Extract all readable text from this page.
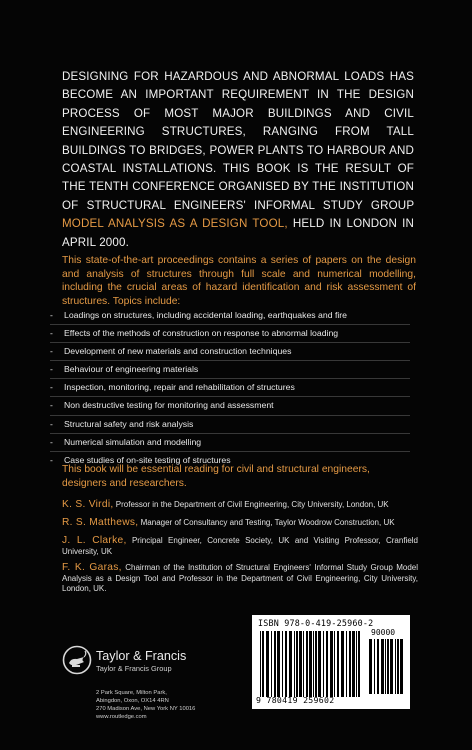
DESIGNING FOR HAZARDOUS AND ABNORMAL LOADS HAS BECOME AN IMPORTANT REQUIREMENT IN THE DESIGN PROCESS OF MOST MAJOR BUILDINGS AND CIVIL ENGINEERING STRUCTURES, RANGING FROM TALL BUILDINGS TO BRIDGES, POWER PLANTS TO HARBOUR AND COASTAL INSTALLATIONS. THIS BOOK IS THE RESULT OF THE TENTH CONFERENCE ORGANISED BY THE INSTITUTION OF STRUCTURAL ENGINEERS' INFORMAL STUDY GROUP MODEL ANALYSIS AS A DESIGN TOOL, HELD IN LONDON IN APRIL 2000.
This state-of-the-art proceedings contains a series of papers on the design and analysis of structures through full scale and numerical modelling, including the crucial areas of hazard identification and risk assessment of structures. Topics include:
-	Loadings on structures, including accidental loading, earthquakes and fire
-	Effects of the methods of construction on response to abnormal loading
-	Development of new materials and construction techniques
-	Behaviour of engineering materials
-	Inspection, monitoring, repair and rehabilitation of structures
-	Non destructive testing for monitoring and assessment
-	Structural safety and risk analysis
-	Numerical simulation and modelling
-	Case studies of on-site testing of structures
This book will be essential reading for civil and structural engineers, designers and researchers.
K. S. Virdi, Professor in the Department of Civil Engineering, City University, London, UK
R. S. Matthews, Manager of Consultancy and Testing, Taylor Woodrow Construction, UK
J. L. Clarke, Principal Engineer, Concrete Society, UK and Visiting Professor, Cranfield University, UK
F. K. Garas, Chairman of the Institution of Structural Engineers' Informal Study Group Model Analysis as a Design Tool and Professor in the Department of Civil Engineering, City University, London, UK.
Taylor & Francis
Taylor & Francis Group
2 Park Square, Milton Park,
Abingdon, Oxon, OX14 4RN
270 Madison Ave, New York NY 10016
www.routledge.com
ISBN 978-0-419-25960-2
90000
9 780419 259602
